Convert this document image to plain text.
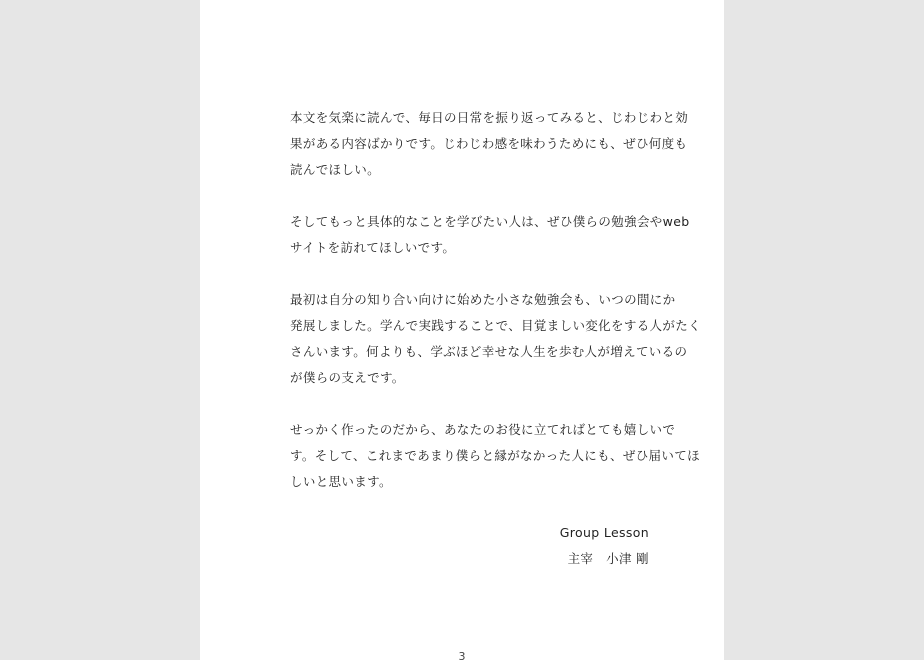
本文を気楽に読んで、毎日の日常を振り返ってみると、じわじわと効
果がある内容ばかりです。じわじわ感を味わうためにも、ぜひ何度も
読んでほしい。

そしてもっと具体的なことを学びたい人は、ぜひ僕らの勉強会やweb
サイトを訪れてほしいです。

最初は自分の知り合い向けに始めた小さな勉強会も、いつの間にか
発展しました。学んで実践することで、目覚ましい変化をする人がたく
さんいます。何よりも、学ぶほど幸せな人生を歩む人が増えているの
が僕らの支えです。

せっかく作ったのだから、あなたのお役に立てればとても嬉しいで
す。そして、これまであまり僕らと縁がなかった人にも、ぜひ届いてほ
しいと思います。

Group Lesson
主宰　小津 剛
3
